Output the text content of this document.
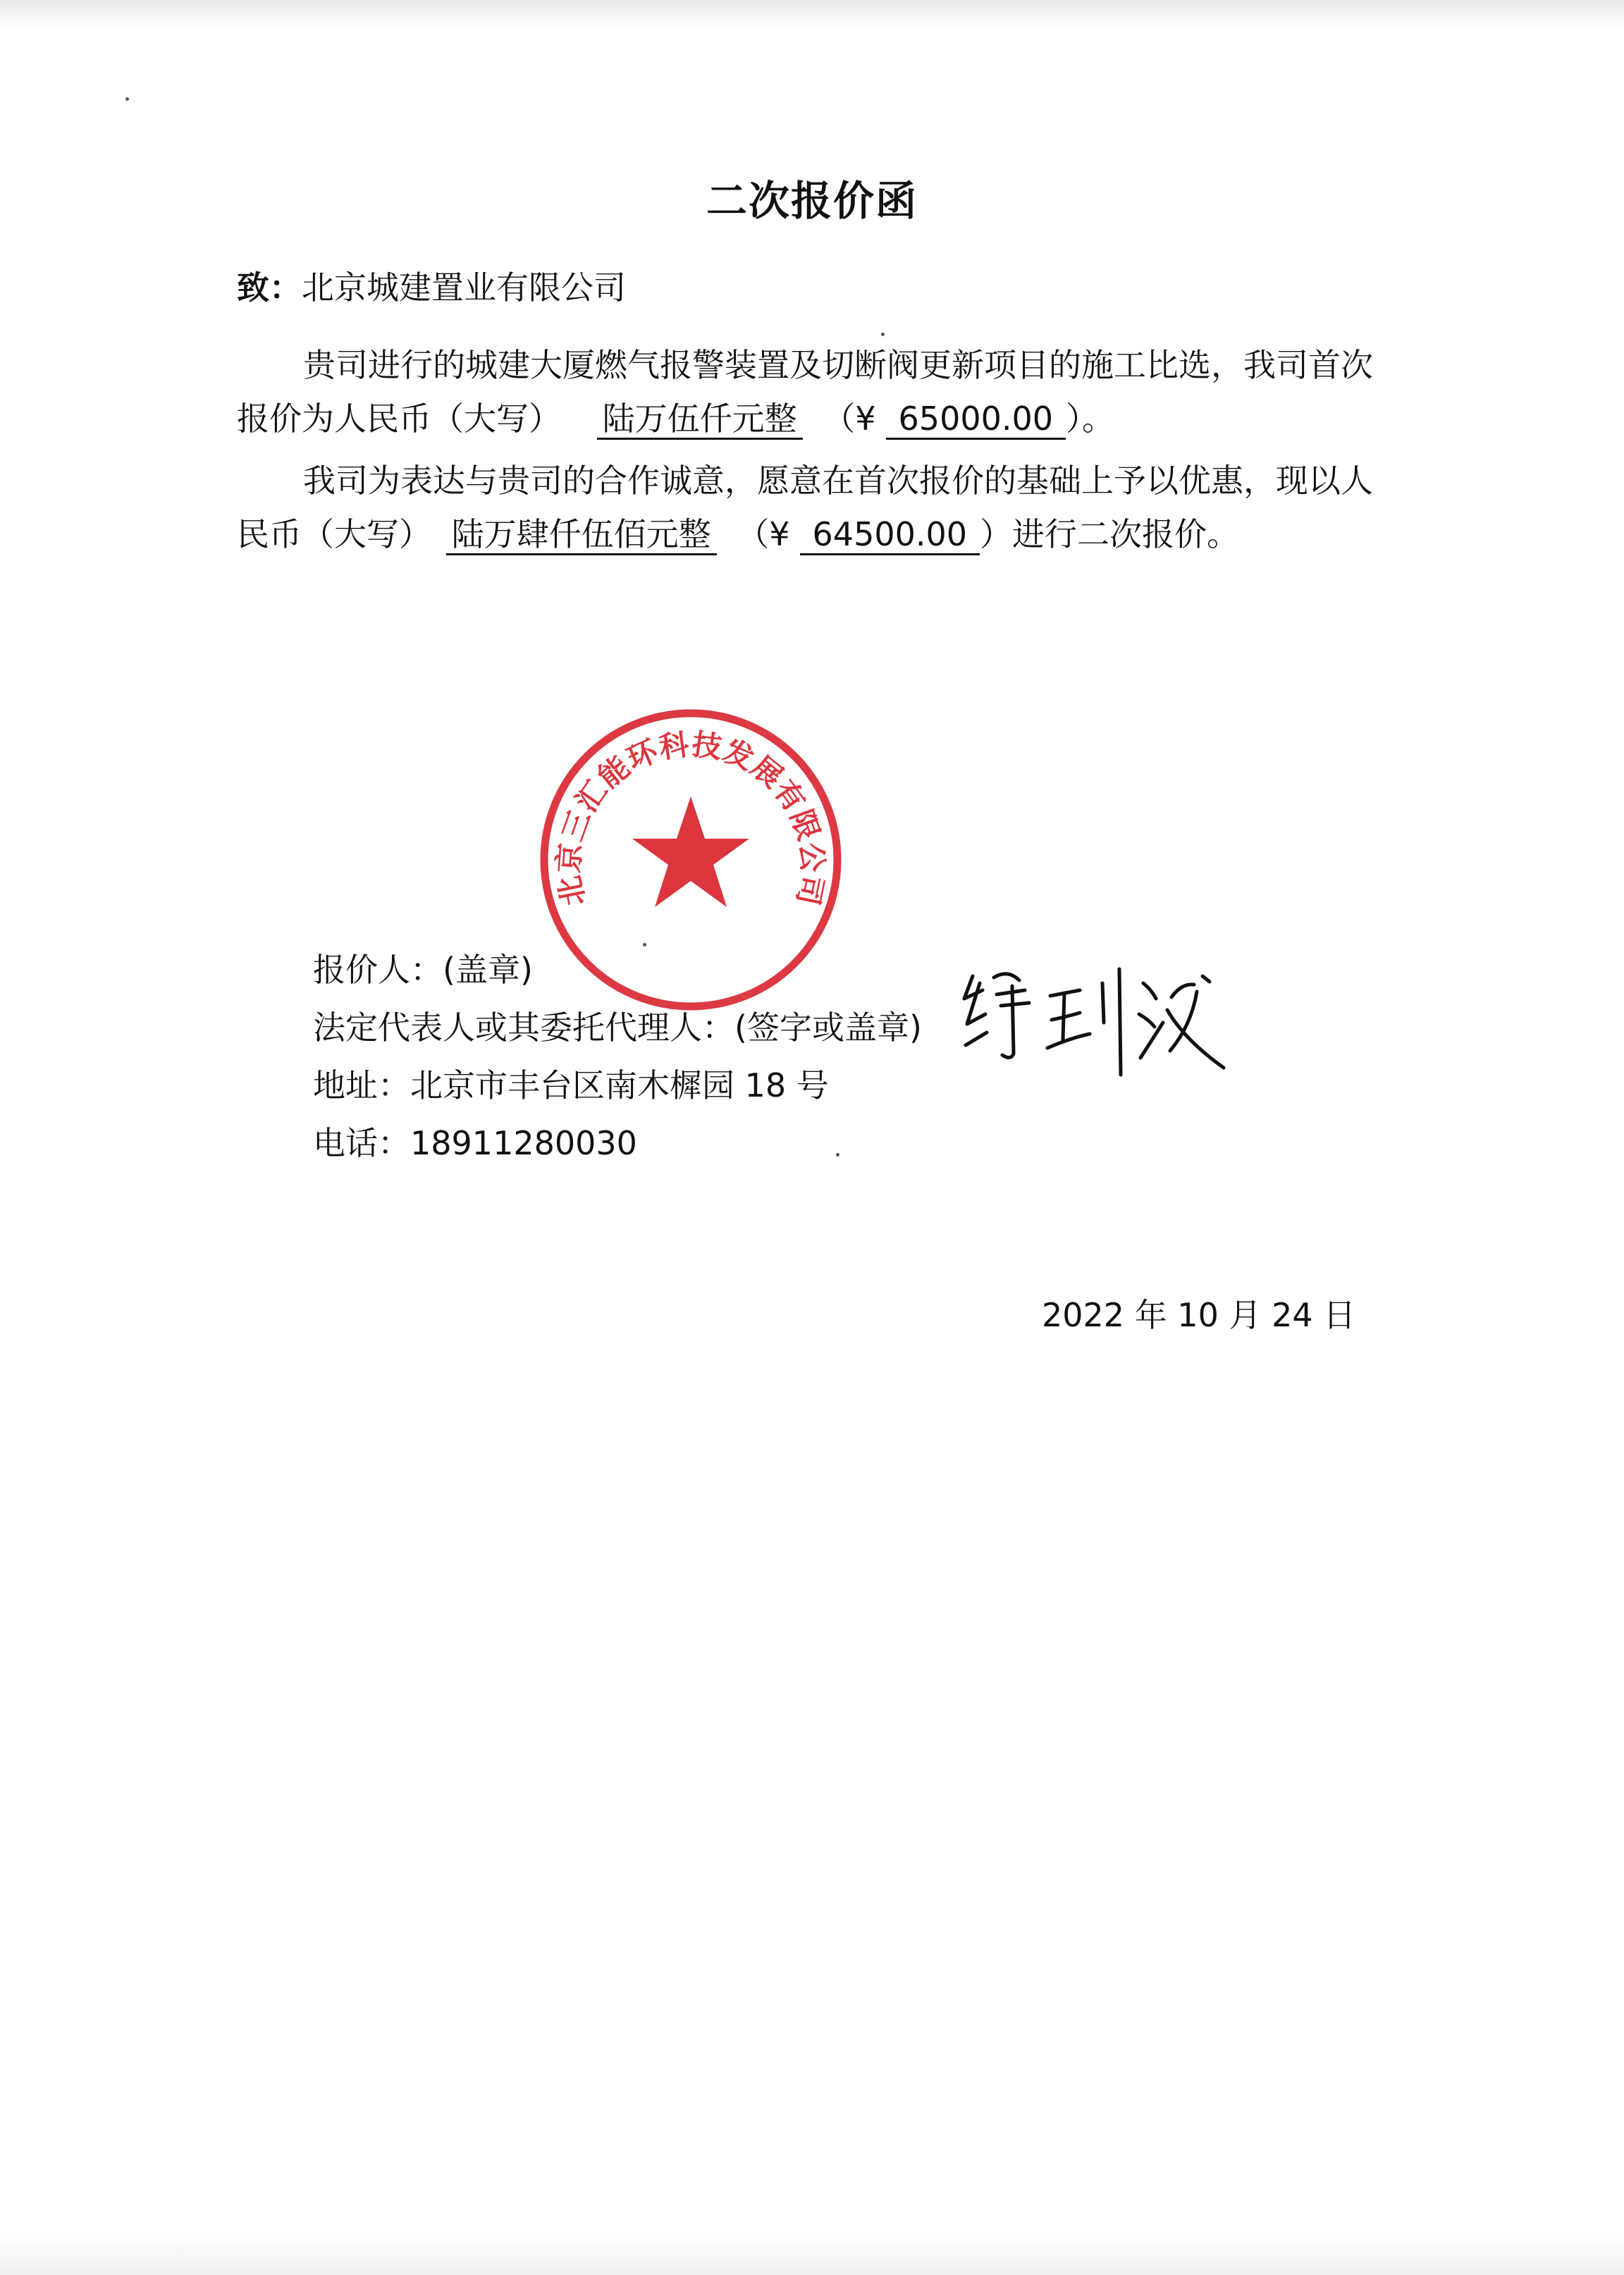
二次报价函
致：北京城建置业有限公司
贵司进行的城建大厦燃气报警装置及切断阀更新项目的施工比选，我司首次
报价为人民币（大写） 陆万伍仟元整 （¥ 65000.00 ）。
我司为表达与贵司的合作诚意，愿意在首次报价的基础上予以优惠，现以人
民币（大写） 陆万肆仟伍佰元整 （¥ 64500.00 ）进行二次报价。
北京三汇能环科技发展有限公司
报价人：(盖章)
法定代表人或其委托代理人：(签字或盖章)
地址：北京市丰台区南木樨园 18 号
电话：18911280030
2022 年 10 月 24 日
